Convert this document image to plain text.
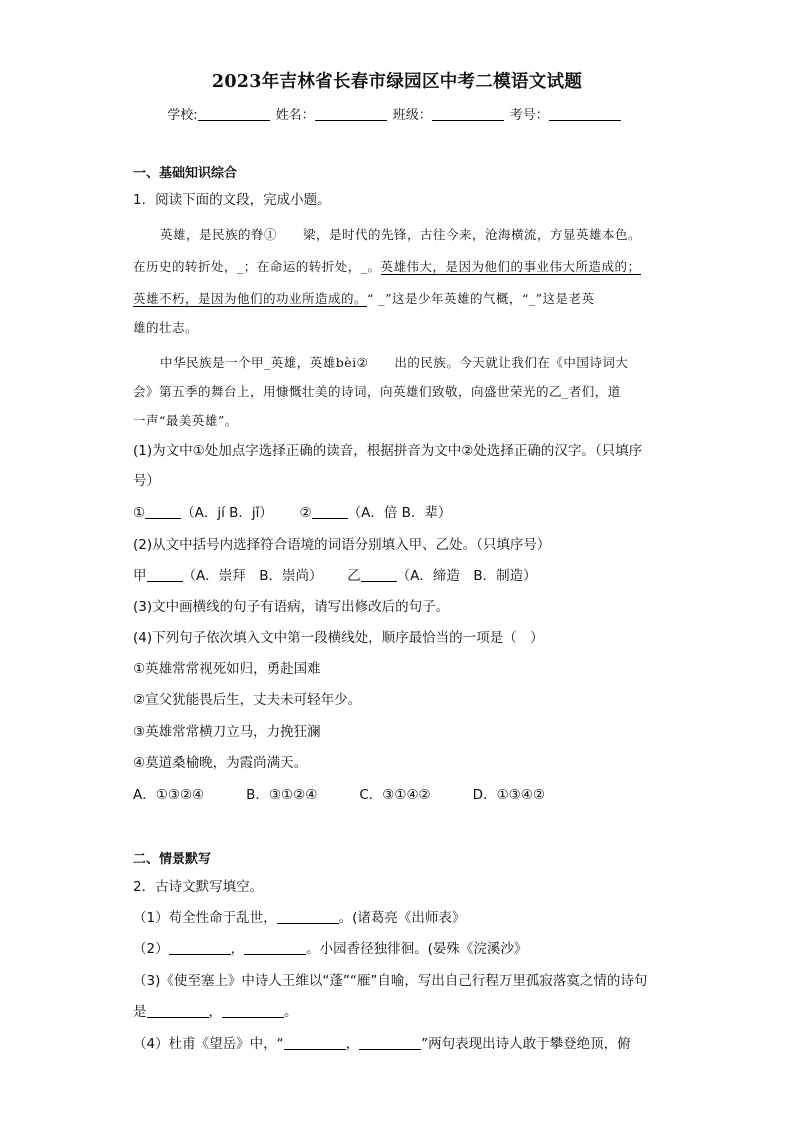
2023年吉林省长春市绿园区中考二模语文试题
学校:	姓名：	班级：	考号：
一、基础知识综合
1．阅读下面的文段，完成小题。
英雄，是民族的脊①　　梁，是时代的先锋，古往今来，沧海横流，方显英雄本色。
在历史的转折处，_；在命运的转折处，_。英雄伟大，是因为他们的事业伟大所造成的；
英雄不朽，是因为他们的功业所造成的。“ _”这是少年英雄的气概，“_”这是老英
雄的壮志。
中华民族是一个甲_英雄，英雄bèi②　　出的民族。今天就让我们在《中国诗词大
会》第五季的舞台上，用慷慨壮美的诗词，向英雄们致敬，向盛世荣光的乙_者们，道
一声“最美英雄”。
(1)为文中①处加点字选择正确的读音，根据拼音为文中②处选择正确的汉字。（只填序
号）
①	（A．jí B．jǐ） ②	（A．倍 B．辈）
(2)从文中括号内选择符合语境的词语分别填入甲、乙处。（只填序号）
甲	（A．崇拜　B．崇尚） 乙	（A．缔造　B．制造）
(3)文中画横线的句子有语病，请写出修改后的句子。
(4)下列句子依次填入文中第一段横线处，顺序最恰当的一项是（　）
①英雄常常视死如归，勇赴国难
②宣父犹能畏后生，丈夫未可轻年少。
③英雄常常横刀立马，力挽狂澜
④莫道桑榆晚，为霞尚满天。
A．①③②④	B．③①②④	C．③①④②	D．①③④②
二、情景默写
2．古诗文默写填空。
（1）苟全性命于乱世，	。(诸葛亮《出师表》
（2）	，	。小园香径独徘徊。(晏殊《浣溪沙》
（3)《使至塞上》中诗人王维以“蓬”“雁”自喻，写出自己行程万里孤寂落寞之情的诗句
是	，	。
（4）杜甫《望岳》中，“	，	”两句表现出诗人敢于攀登绝顶，俯
